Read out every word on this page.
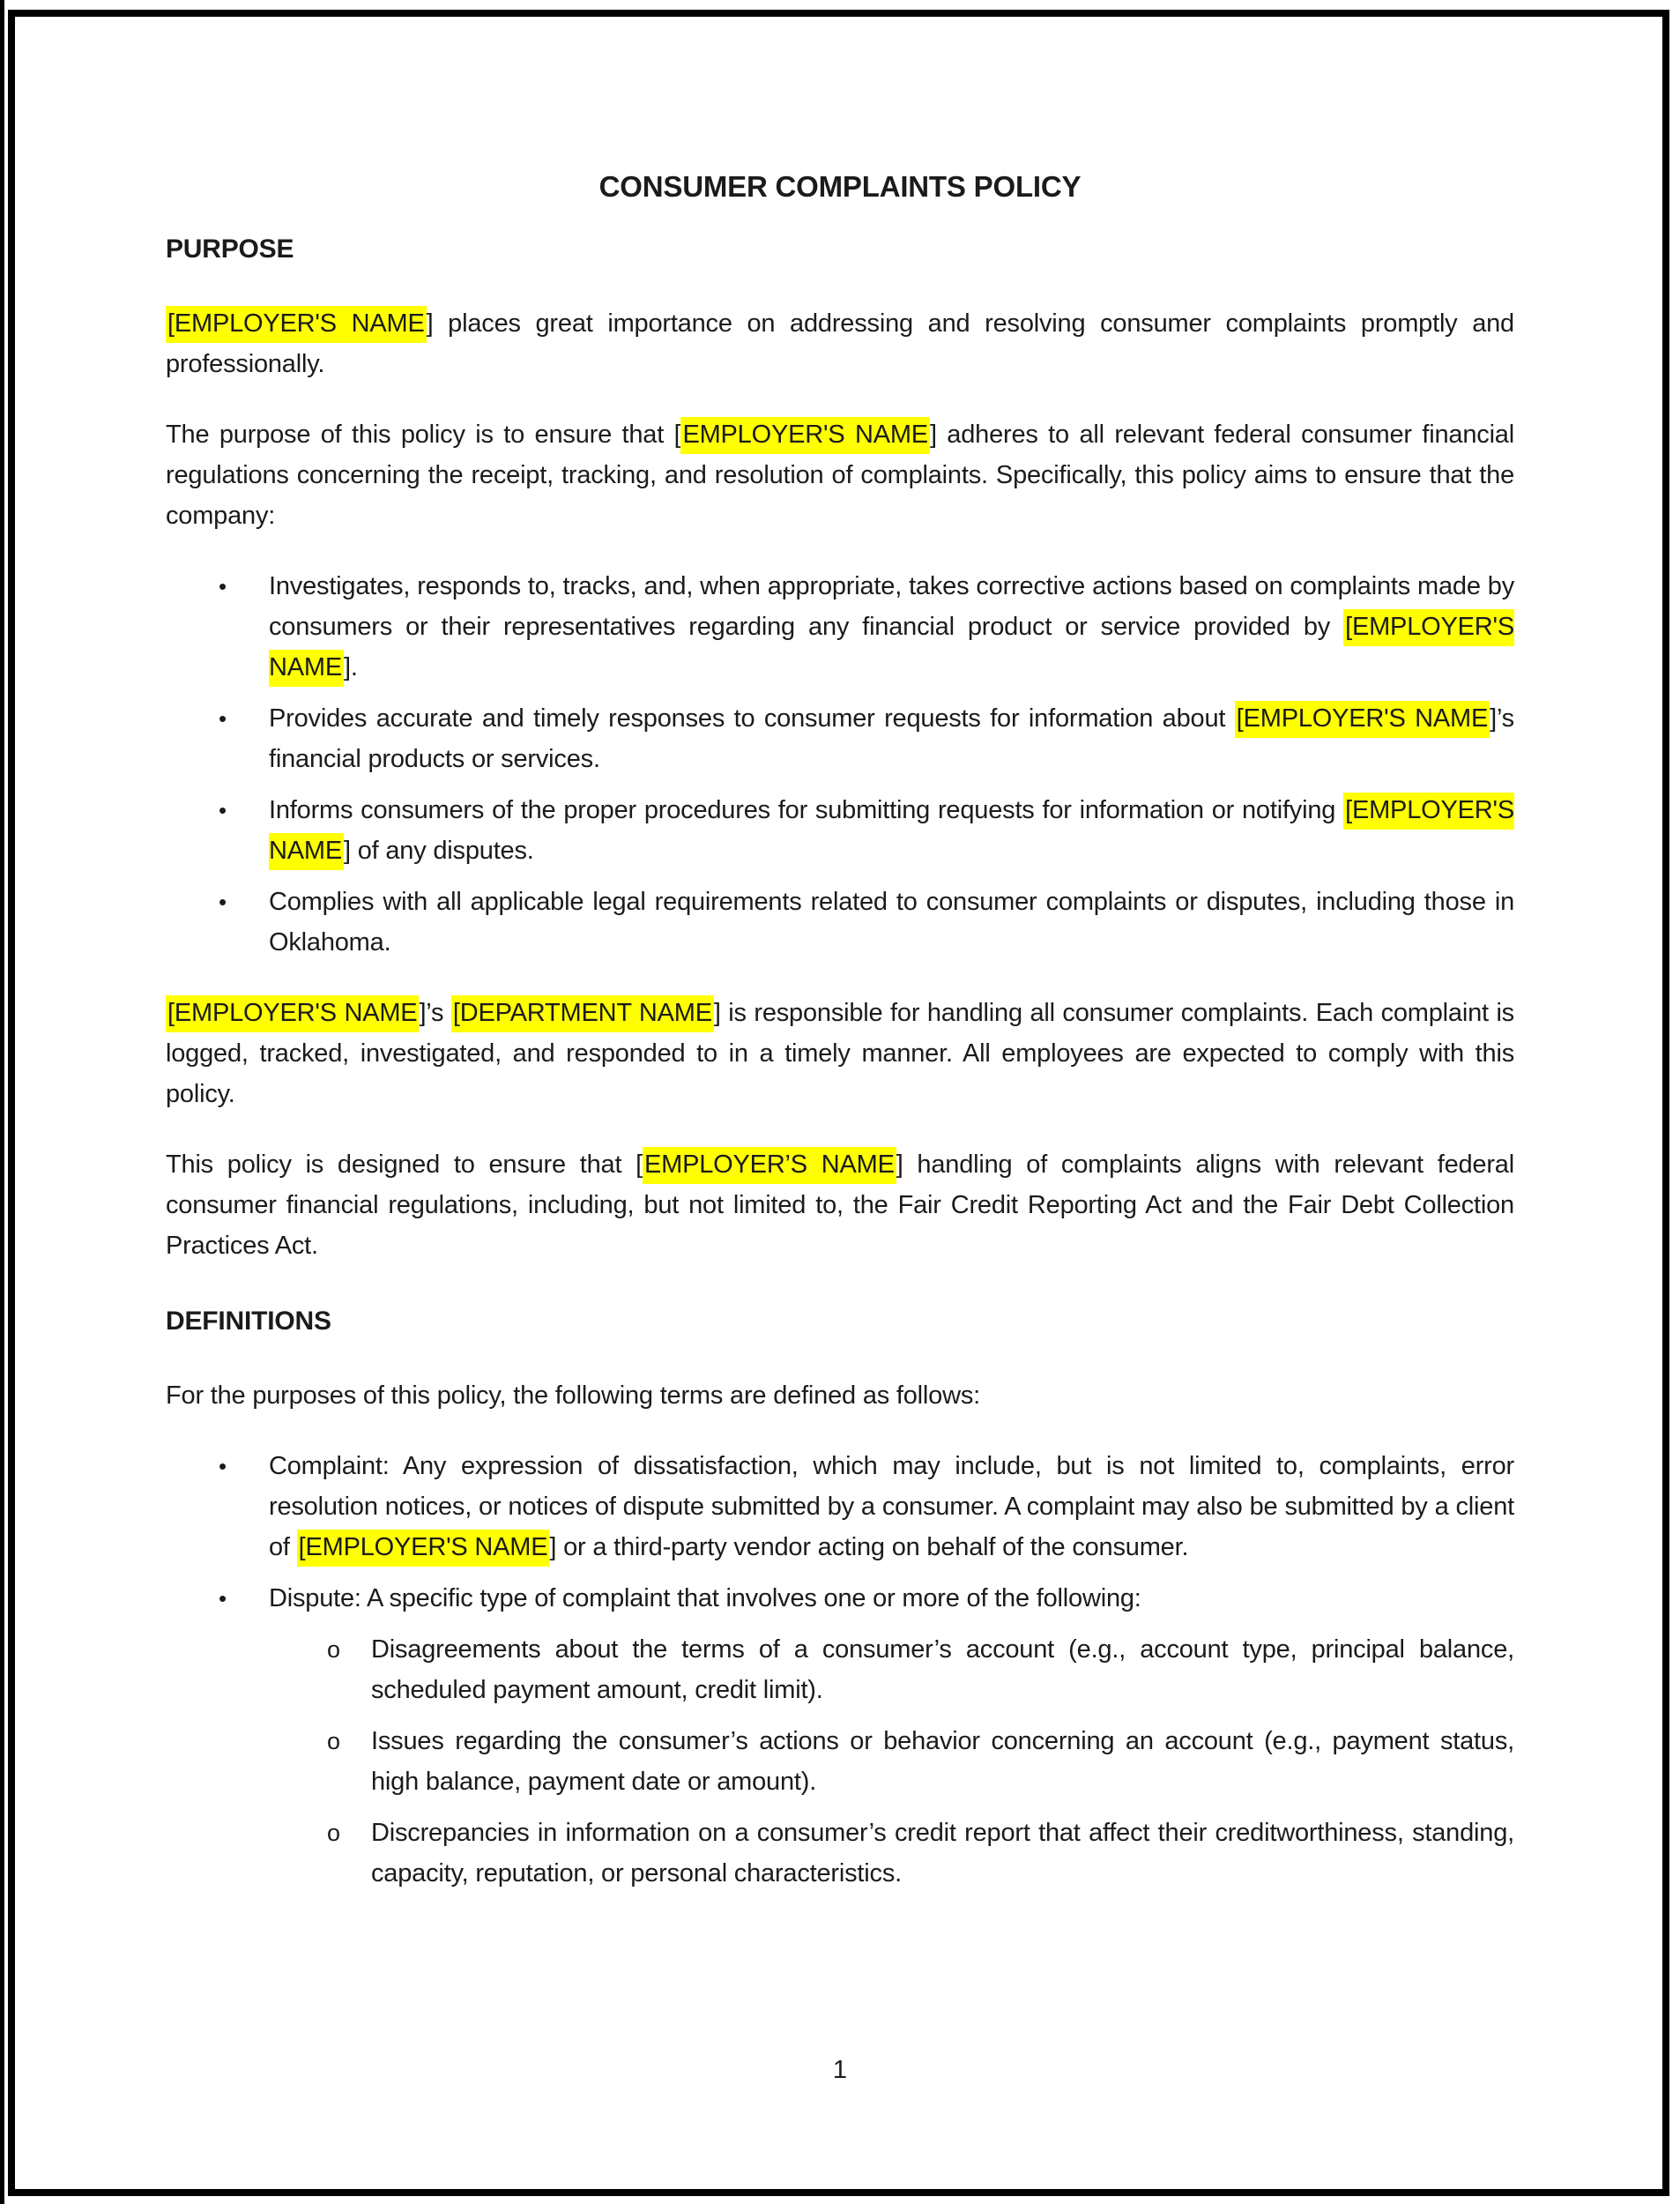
CONSUMER COMPLAINTS POLICY
PURPOSE

[EMPLOYER'S NAME] places great importance on addressing and resolving consumer complaints promptly and professionally.

The purpose of this policy is to ensure that [EMPLOYER'S NAME] adheres to all relevant federal consumer financial regulations concerning the receipt, tracking, and resolution of complaints. Specifically, this policy aims to ensure that the company:

• Investigates, responds to, tracks, and, when appropriate, takes corrective actions based on complaints made by consumers or their representatives regarding any financial product or service provided by [EMPLOYER'S NAME].
• Provides accurate and timely responses to consumer requests for information about [EMPLOYER'S NAME]’s financial products or services.
• Informs consumers of the proper procedures for submitting requests for information or notifying [EMPLOYER'S NAME] of any disputes.
• Complies with all applicable legal requirements related to consumer complaints or disputes, including those in Oklahoma.

[EMPLOYER'S NAME]’s [DEPARTMENT NAME] is responsible for handling all consumer complaints. Each complaint is logged, tracked, investigated, and responded to in a timely manner. All employees are expected to comply with this policy.

This policy is designed to ensure that [EMPLOYER’S NAME] handling of complaints aligns with relevant federal consumer financial regulations, including, but not limited to, the Fair Credit Reporting Act and the Fair Debt Collection Practices Act.

DEFINITIONS

For the purposes of this policy, the following terms are defined as follows:

• Complaint: Any expression of dissatisfaction, which may include, but is not limited to, complaints, error resolution notices, or notices of dispute submitted by a consumer. A complaint may also be submitted by a client of [EMPLOYER'S NAME] or a third-party vendor acting on behalf of the consumer.
• Dispute: A specific type of complaint that involves one or more of the following:
o Disagreements about the terms of a consumer’s account (e.g., account type, principal balance, scheduled payment amount, credit limit).
o Issues regarding the consumer’s actions or behavior concerning an account (e.g., payment status, high balance, payment date or amount).
o Discrepancies in information on a consumer’s credit report that affect their creditworthiness, standing, capacity, reputation, or personal characteristics.
1
